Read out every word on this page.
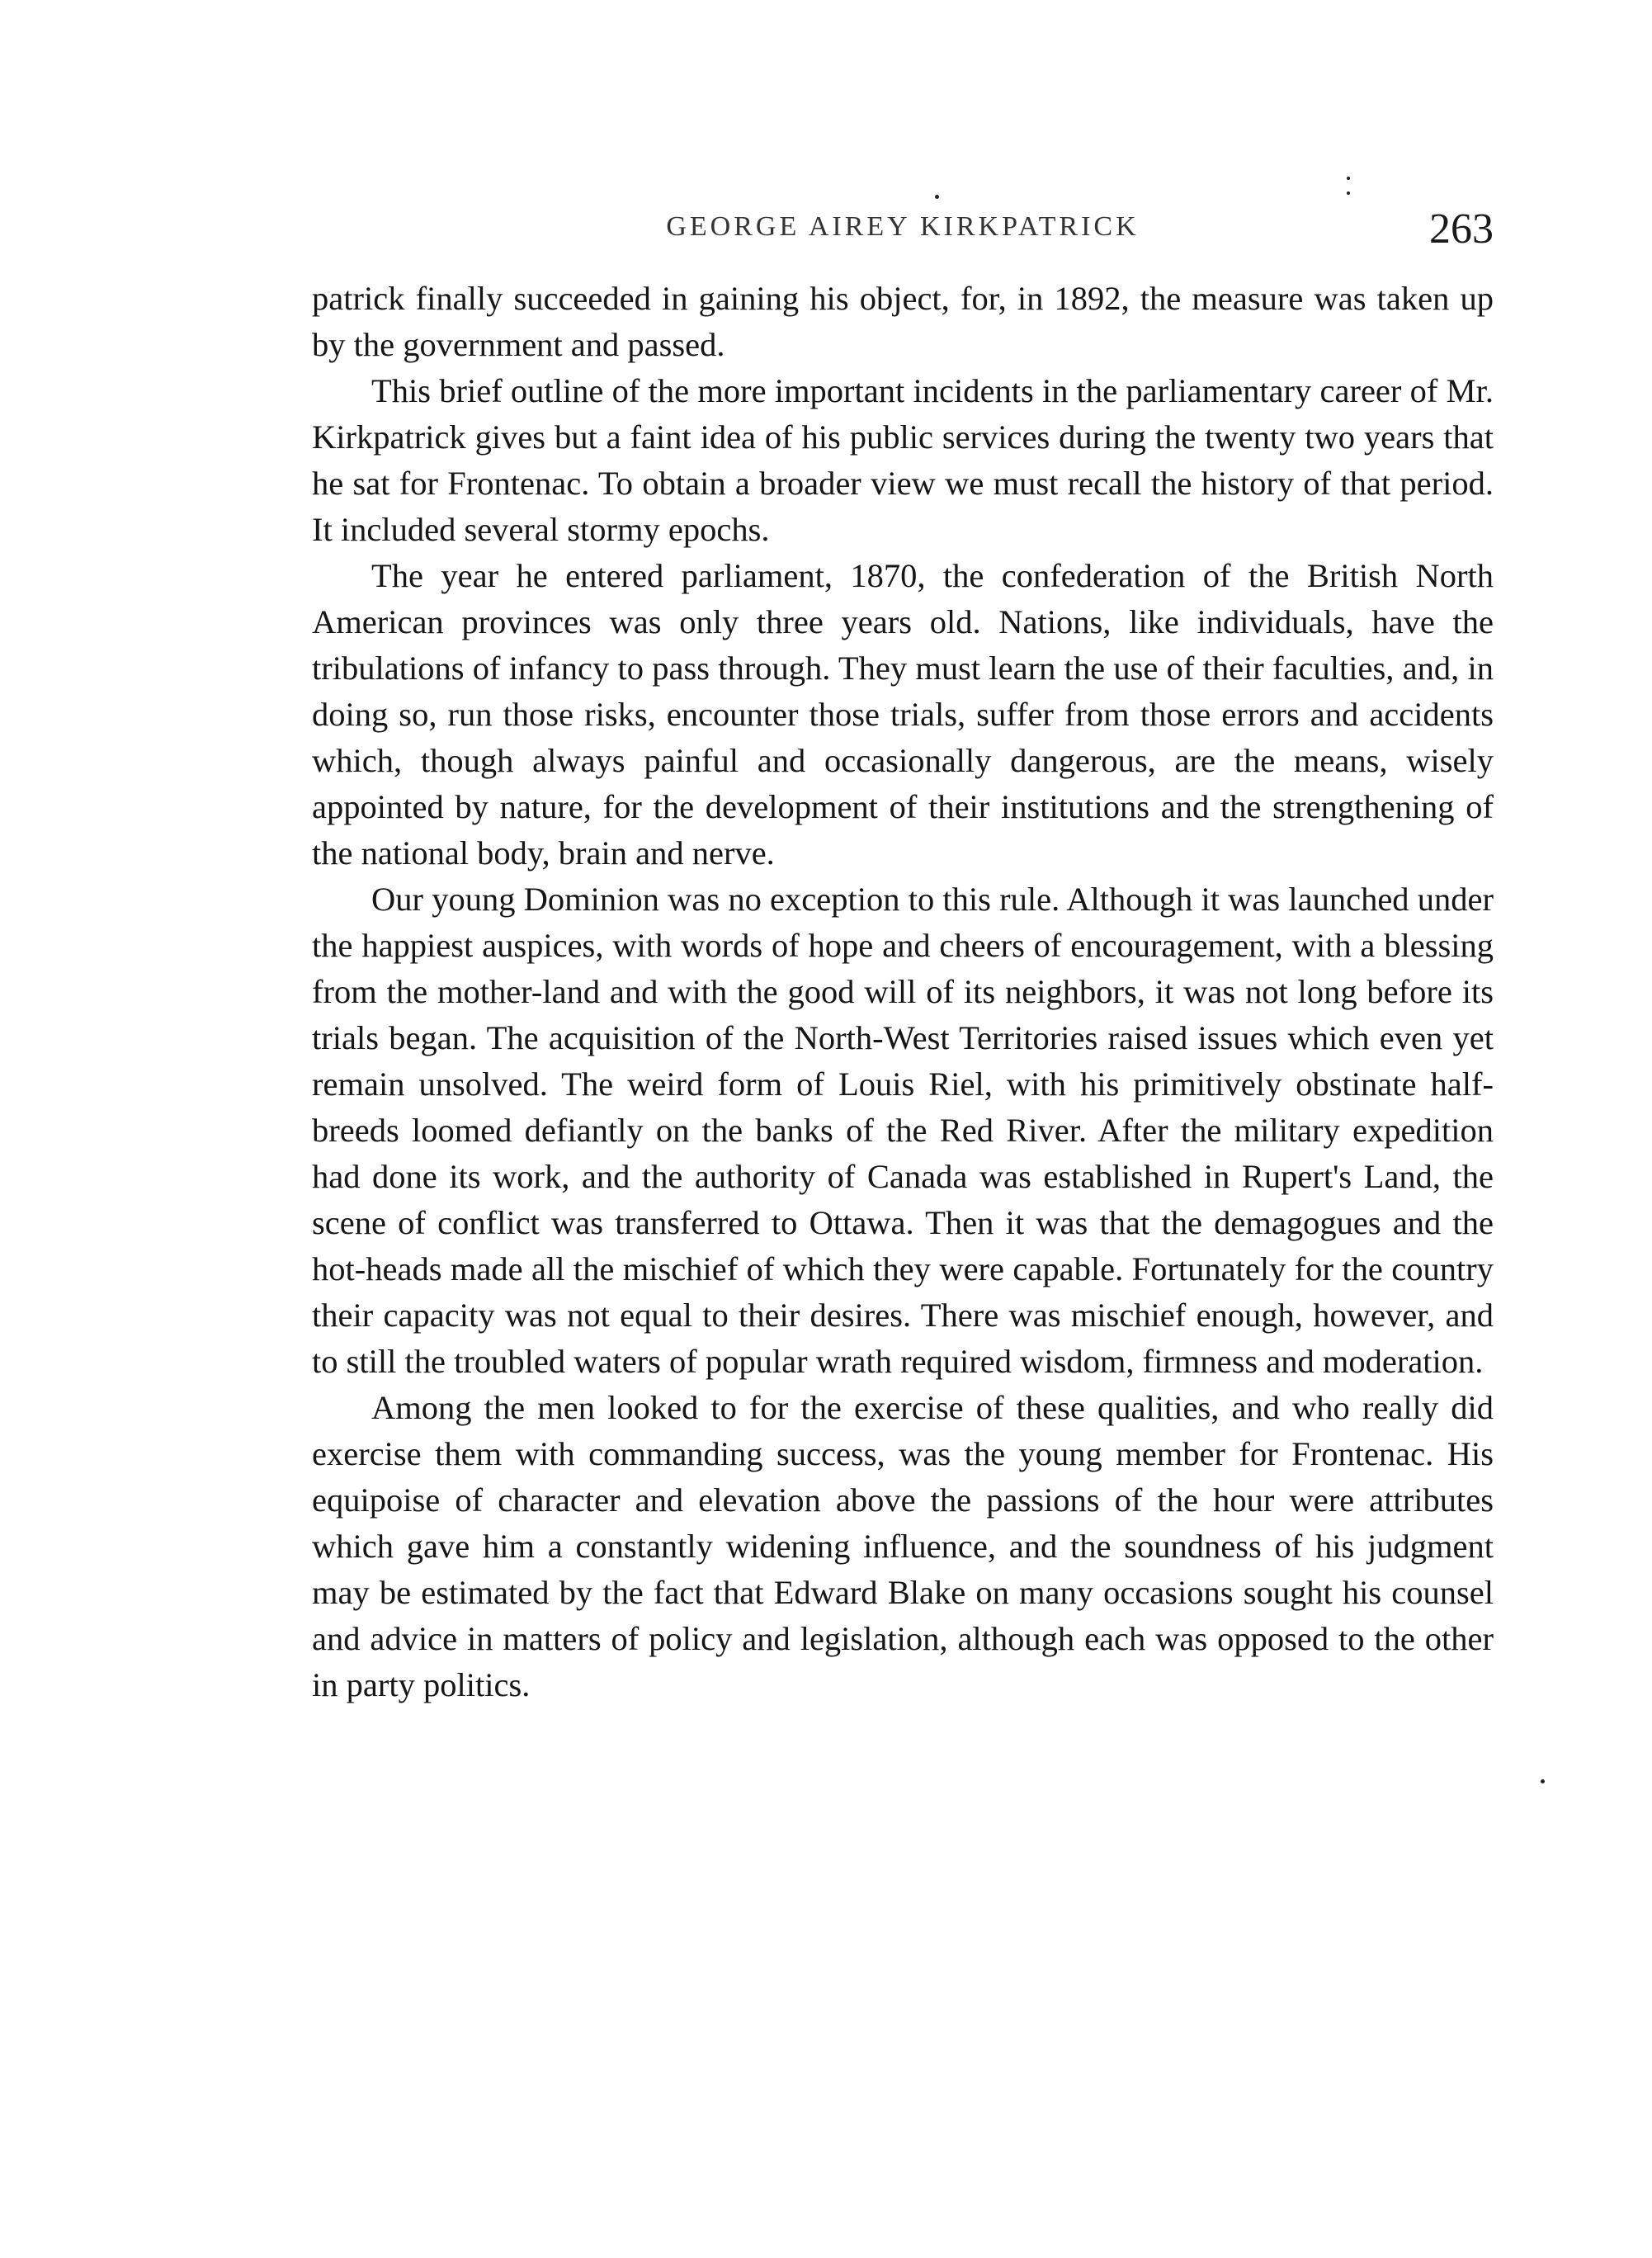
GEORGE AIREY KIRKPATRICK	263

patrick finally succeeded in gaining his object, for, in 1892, the measure was taken up by the government and passed.

This brief outline of the more important incidents in the parliamentary career of Mr. Kirkpatrick gives but a faint idea of his public services during the twenty two years that he sat for Frontenac. To obtain a broader view we must recall the history of that period. It included several stormy epochs.

The year he entered parliament, 1870, the confederation of the British North American provinces was only three years old. Nations, like individuals, have the tribulations of infancy to pass through. They must learn the use of their faculties, and, in doing so, run those risks, encounter those trials, suffer from those errors and accidents which, though always painful and occasionally dangerous, are the means, wisely appointed by nature, for the development of their institutions and the strengthening of the national body, brain and nerve.

Our young Dominion was no exception to this rule. Although it was launched under the happiest auspices, with words of hope and cheers of encouragement, with a blessing from the mother-land and with the good will of its neighbors, it was not long before its trials began. The acquisition of the North-West Territories raised issues which even yet remain unsolved. The weird form of Louis Riel, with his primitively obstinate half-breeds loomed defiantly on the banks of the Red River. After the military expedition had done its work, and the authority of Canada was established in Rupert's Land, the scene of conflict was transferred to Ottawa. Then it was that the demagogues and the hot-heads made all the mischief of which they were capable. Fortunately for the country their capacity was not equal to their desires. There was mischief enough, however, and to still the troubled waters of popular wrath required wisdom, firmness and moderation.

Among the men looked to for the exercise of these qualities, and who really did exercise them with commanding success, was the young member for Frontenac. His equipoise of character and elevation above the passions of the hour were attributes which gave him a constantly widening influence, and the soundness of his judgment may be estimated by the fact that Edward Blake on many occasions sought his counsel and advice in matters of policy and legislation, although each was opposed to the other in party politics.
